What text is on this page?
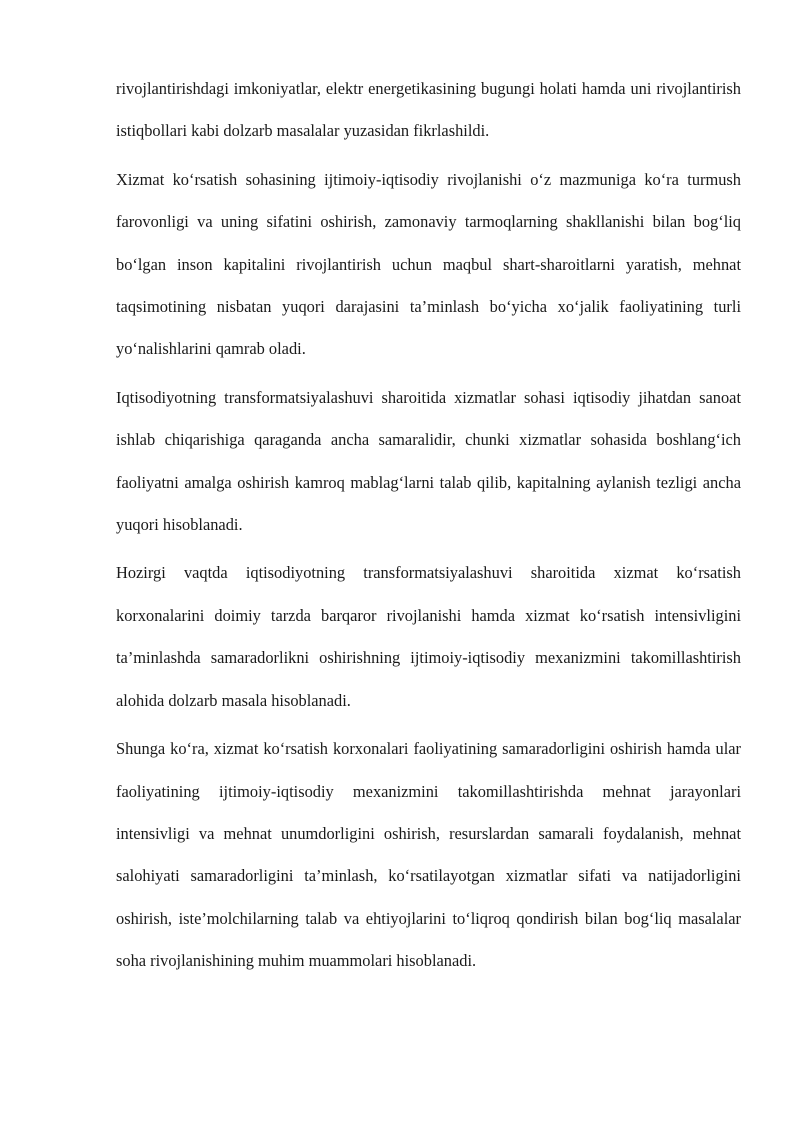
rivojlantirishdagi imkoniyatlar, elektr energetikasining bugungi holati hamda uni rivojlantirish istiqbollari kabi dolzarb masalalar yuzasidan fikrlashildi.

Xizmat ko‘rsatish sohasining ijtimoiy-iqtisodiy rivojlanishi o‘z mazmuniga ko‘ra turmush farovonligi va uning sifatini oshirish, zamonaviy tarmoqlarning shakllanishi bilan bog‘liq bo‘lgan inson kapitalini rivojlantirish uchun maqbul shart-sharoitlarni yaratish, mehnat taqsimotining nisbatan yuqori darajasini ta’minlash bo‘yicha xo‘jalik faoliyatining turli yo‘nalishlarini qamrab oladi.

Iqtisodiyotning transformatsiyalashuvi sharoitida xizmatlar sohasi iqtisodiy jihatdan sanoat ishlab chiqarishiga qaraganda ancha samaralidir, chunki xizmatlar sohasida boshlang‘ich faoliyatni amalga oshirish kamroq mablag‘larni talab qilib, kapitalning aylanish tezligi ancha yuqori hisoblanadi.

Hozirgi vaqtda iqtisodiyotning transformatsiyalashuvi sharoitida xizmat ko‘rsatish korxonalarini doimiy tarzda barqaror rivojlanishi hamda xizmat ko‘rsatish intensivligini ta’minlashda samaradorlikni oshirishning ijtimoiy-iqtisodiy mexanizmini takomillashtirish alohida dolzarb masala hisoblanadi.

Shunga ko‘ra, xizmat ko‘rsatish korxonalari faoliyatining samaradorligini oshirish hamda ular faoliyatining ijtimoiy-iqtisodiy mexanizmini takomillashtirishda mehnat jarayonlari intensivligi va mehnat unumdorligini oshirish, resurslardan samarali foydalanish, mehnat salohiyati samaradorligini ta’minlash, ko‘rsatilayotgan xizmatlar sifati va natijadorligini oshirish, iste’molchilarning talab va ehtiyojlarini to‘liqroq qondirish bilan bog‘liq masalalar soha rivojlanishining muhim muammolari hisoblanadi.
